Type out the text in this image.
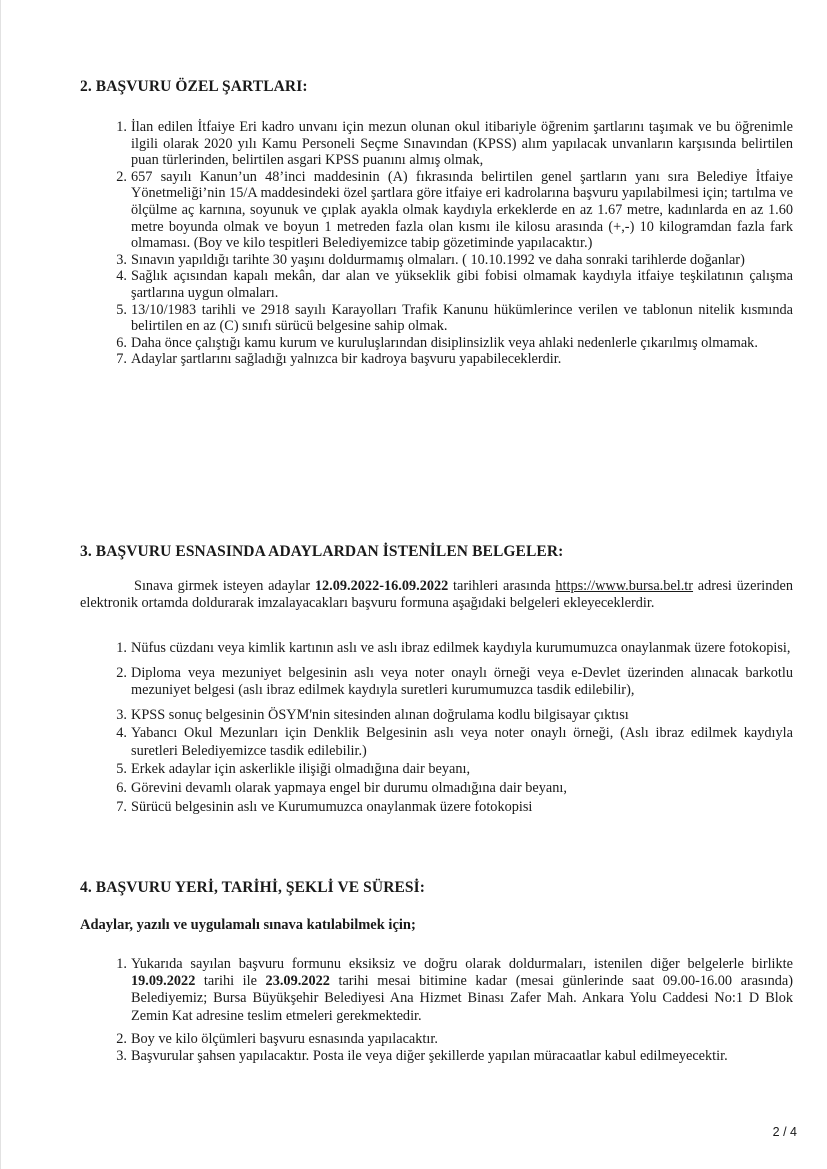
2. BAŞVURU ÖZEL ŞARTLARI:
1. İlan edilen İtfaiye Eri kadro unvanı için mezun olunan okul itibariyle öğrenim şartlarını taşımak ve bu öğrenimle ilgili olarak 2020 yılı Kamu Personeli Seçme Sınavından (KPSS) alım yapılacak unvanların karşısında belirtilen puan türlerinden, belirtilen asgari KPSS puanını almış olmak,
2. 657 sayılı Kanun’un 48’inci maddesinin (A) fıkrasında belirtilen genel şartların yanı sıra Belediye İtfaiye Yönetmeliği’nin 15/A maddesindeki özel şartlara göre itfaiye eri kadrolarına başvuru yapılabilmesi için; tartılma ve ölçülme aç karnına, soyunuk ve çıplak ayakla olmak kaydıyla erkeklerde en az 1.67 metre, kadınlarda en az 1.60 metre boyunda olmak ve boyun 1 metreden fazla olan kısmı ile kilosu arasında (+,-) 10 kilogramdan fazla fark olmaması. (Boy ve kilo tespitleri Belediyemizce tabip gözetiminde yapılacaktır.)
3. Sınavın yapıldığı tarihte 30 yaşını doldurmamış olmaları. ( 10.10.1992 ve daha sonraki tarihlerde doğanlar)
4. Sağlık açısından kapalı mekân, dar alan ve yükseklik gibi fobisi olmamak kaydıyla itfaiye teşkilatının çalışma şartlarına uygun olmaları.
5. 13/10/1983 tarihli ve 2918 sayılı Karayolları Trafik Kanunu hükümlerince verilen ve tablonun nitelik kısmında belirtilen en az (C) sınıfı sürücü belgesine sahip olmak.
6. Daha önce çalıştığı kamu kurum ve kuruluşlarından disiplinsizlik veya ahlaki nedenlerle çıkarılmış olmamak.
7. Adaylar şartlarını sağladığı yalnızca bir kadroya başvuru yapabileceklerdir.
3. BAŞVURU ESNASINDA ADAYLARDAN İSTENİLEN BELGELER:

Sınava girmek isteyen adaylar 12.09.2022-16.09.2022 tarihleri arasında https://www.bursa.bel.tr adresi üzerinden elektronik ortamda doldurarak imzalayacakları başvuru formuna aşağıdaki belgeleri ekleyeceklerdir.

1. Nüfus cüzdanı veya kimlik kartının aslı ve aslı ibraz edilmek kaydıyla kurumumuzca onaylanmak üzere fotokopisi,
2. Diploma veya mezuniyet belgesinin aslı veya noter onaylı örneği veya e-Devlet üzerinden alınacak barkotlu mezuniyet belgesi (aslı ibraz edilmek kaydıyla suretleri kurumumuzca tasdik edilebilir),
3. KPSS sonuç belgesinin ÖSYM'nin sitesinden alınan doğrulama kodlu bilgisayar çıktısı
4. Yabancı Okul Mezunları için Denklik Belgesinin aslı veya noter onaylı örneği, (Aslı ibraz edilmek kaydıyla suretleri Belediyemizce tasdik edilebilir.)
5. Erkek adaylar için askerlikle ilişiği olmadığına dair beyanı,
6. Görevini devamlı olarak yapmaya engel bir durumu olmadığına dair beyanı,
7. Sürücü belgesinin aslı ve Kurumumuzca onaylanmak üzere fotokopisi
4. BAŞVURU YERİ, TARİHİ, ŞEKLİ VE SÜRESİ:
Adaylar, yazılı ve uygulamalı sınava katılabilmek için;
1. Yukarıda sayılan başvuru formunu eksiksiz ve doğru olarak doldurmaları, istenilen diğer belgelerle birlikte 19.09.2022 tarihi ile 23.09.2022 tarihi mesai bitimine kadar (mesai günlerinde saat 09.00-16.00 arasında) Belediyemiz; Bursa Büyükşehir Belediyesi Ana Hizmet Binası Zafer Mah. Ankara Yolu Caddesi No:1 D Blok Zemin Kat adresine teslim etmeleri gerekmektedir.
2. Boy ve kilo ölçümleri başvuru esnasında yapılacaktır.
3. Başvurular şahsen yapılacaktır. Posta ile veya diğer şekillerde yapılan müracaatlar kabul edilmeyecektir.
2 / 4
